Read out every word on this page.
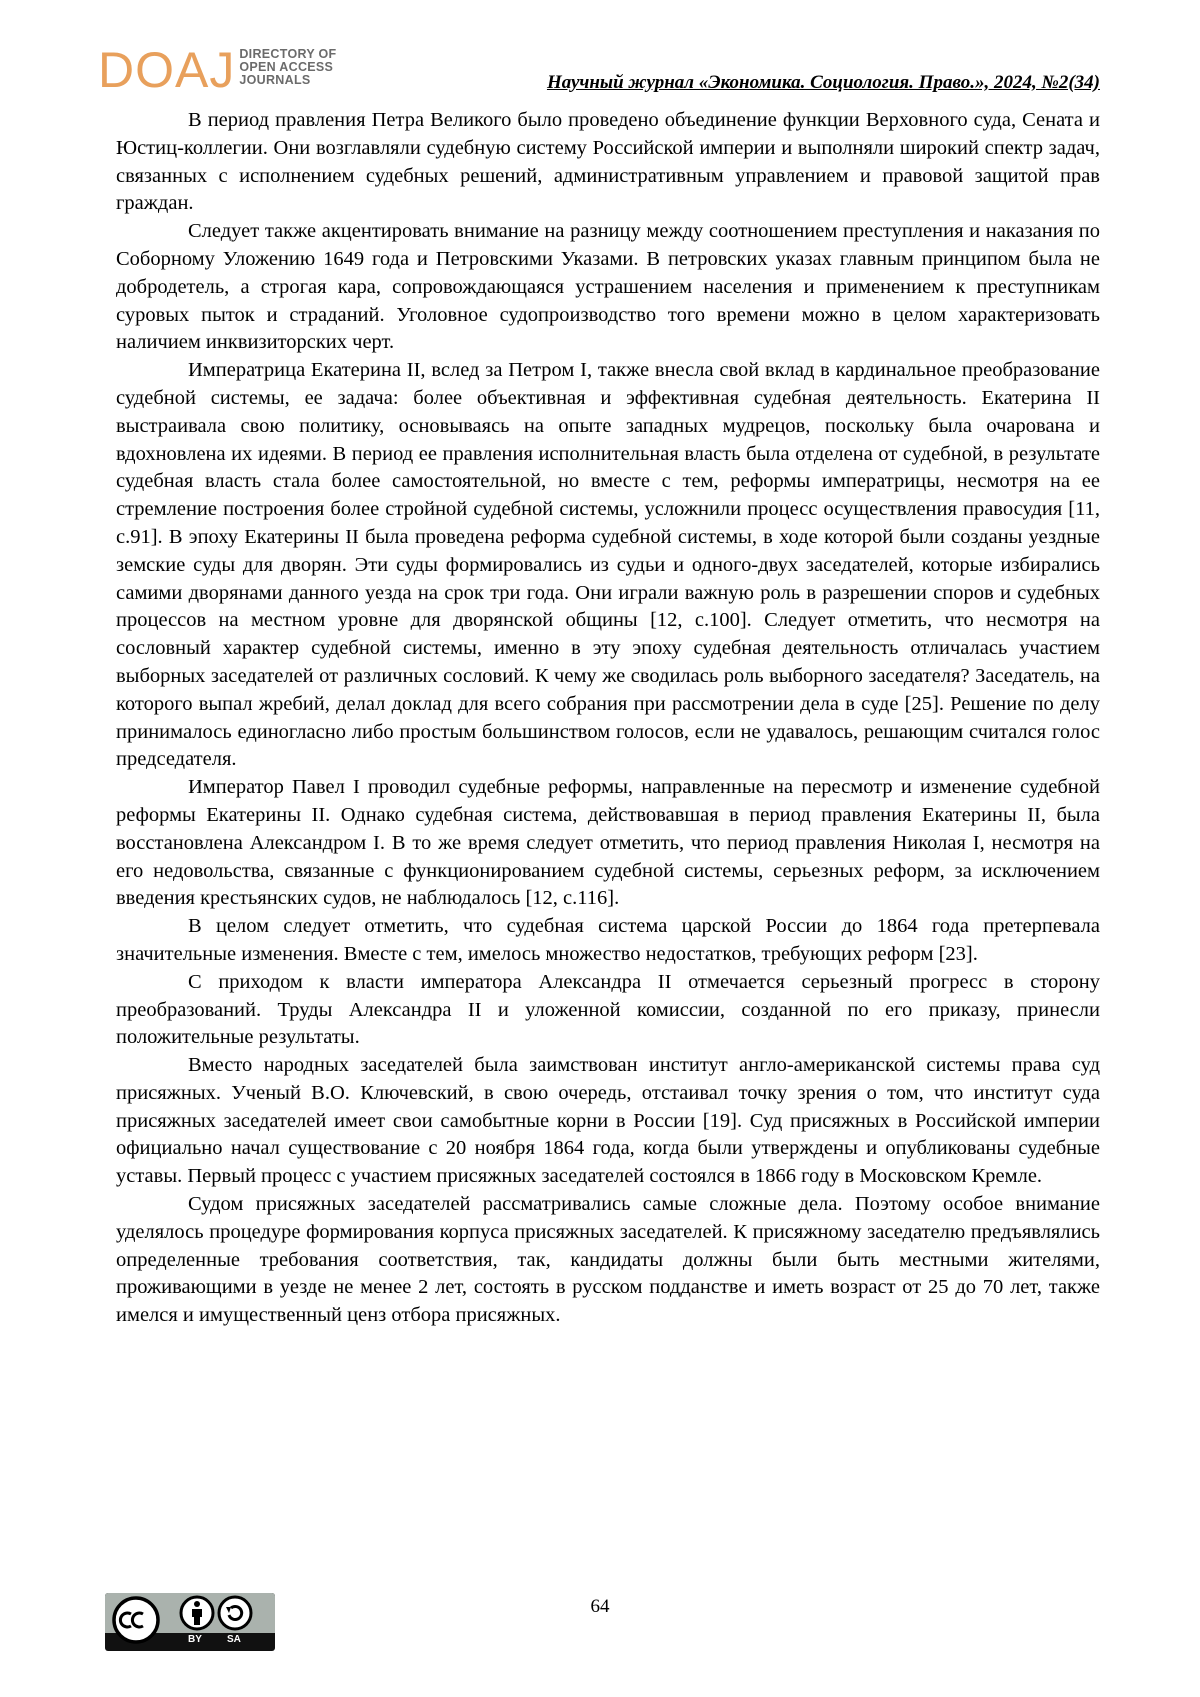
DOAJ DIRECTORY OF
OPEN ACCESS
JOURNALS	Научный журнал «Экономика. Социология. Право.», 2024, №2(34)

В период правления Петра Великого было проведено объединение функции Верховного суда, Сената и Юстиц-коллегии. Они возглавляли судебную систему Российской империи и выполняли широкий спектр задач, связанных с исполнением судебных решений, административным управлением и правовой защитой прав граждан.

Следует также акцентировать внимание на разницу между соотношением преступления и наказания по Соборному Уложению 1649 года и Петровскими Указами. В петровских указах главным принципом была не добродетель, а строгая кара, сопровождающаяся устрашением населения и применением к преступникам суровых пыток и страданий. Уголовное судопроизводство того времени можно в целом характеризовать наличием инквизиторских черт.

Императрица Екатерина II, вслед за Петром I, также внесла свой вклад в кардинальное преобразование судебной системы, ее задача: более объективная и эффективная судебная деятельность. Екатерина II выстраивала свою политику, основываясь на опыте западных мудрецов, поскольку была очарована и вдохновлена их идеями. В период ее правления исполнительная власть была отделена от судебной, в результате судебная власть стала более самостоятельной, но вместе с тем, реформы императрицы, несмотря на ее стремление построения более стройной судебной системы, усложнили процесс осуществления правосудия [11, с.91]. В эпоху Екатерины II была проведена реформа судебной системы, в ходе которой были созданы уездные земские суды для дворян. Эти суды формировались из судьи и одного-двух заседателей, которые избирались самими дворянами данного уезда на срок три года. Они играли важную роль в разрешении споров и судебных процессов на местном уровне для дворянской общины [12, с.100]. Следует отметить, что несмотря на сословный характер судебной системы, именно в эту эпоху судебная деятельность отличалась участием выборных заседателей от различных сословий. К чему же сводилась роль выборного заседателя? Заседатель, на которого выпал жребий, делал доклад для всего собрания при рассмотрении дела в суде [25]. Решение по делу принималось единогласно либо простым большинством голосов, если не удавалось, решающим считался голос председателя.

Император Павел I проводил судебные реформы, направленные на пересмотр и изменение судебной реформы Екатерины II. Однако судебная система, действовавшая в период правления Екатерины II, была восстановлена Александром I. В то же время следует отметить, что период правления Николая I, несмотря на его недовольства, связанные с функционированием судебной системы, серьезных реформ, за исключением введения крестьянских судов, не наблюдалось [12, с.116].

В целом следует отметить, что судебная система царской России до 1864 года претерпевала значительные изменения. Вместе с тем, имелось множество недостатков, требующих реформ [23].

С приходом к власти императора Александра II отмечается серьезный прогресс в сторону преобразований. Труды Александра II и уложенной комиссии, созданной по его приказу, принесли положительные результаты.

Вместо народных заседателей была заимствован институт англо-американской системы права суд присяжных. Ученый В.О. Ключевский, в свою очередь, отстаивал точку зрения о том, что институт суда присяжных заседателей имеет свои самобытные корни в России [19]. Суд присяжных в Российской империи официально начал существование с 20 ноября 1864 года, когда были утверждены и опубликованы судебные уставы. Первый процесс с участием присяжных заседателей состоялся в 1866 году в Московском Кремле.

Судом присяжных заседателей рассматривались самые сложные дела. Поэтому особое внимание уделялось процедуре формирования корпуса присяжных заседателей. К присяжному заседателю предъявлялись определенные требования соответствия, так, кандидаты должны были быть местными жителями, проживающими в уезде не менее 2 лет, состоять в русском подданстве и иметь возраст от 25 до 70 лет, также имелся и имущественный ценз отбора присяжных.

BY	SA
64
